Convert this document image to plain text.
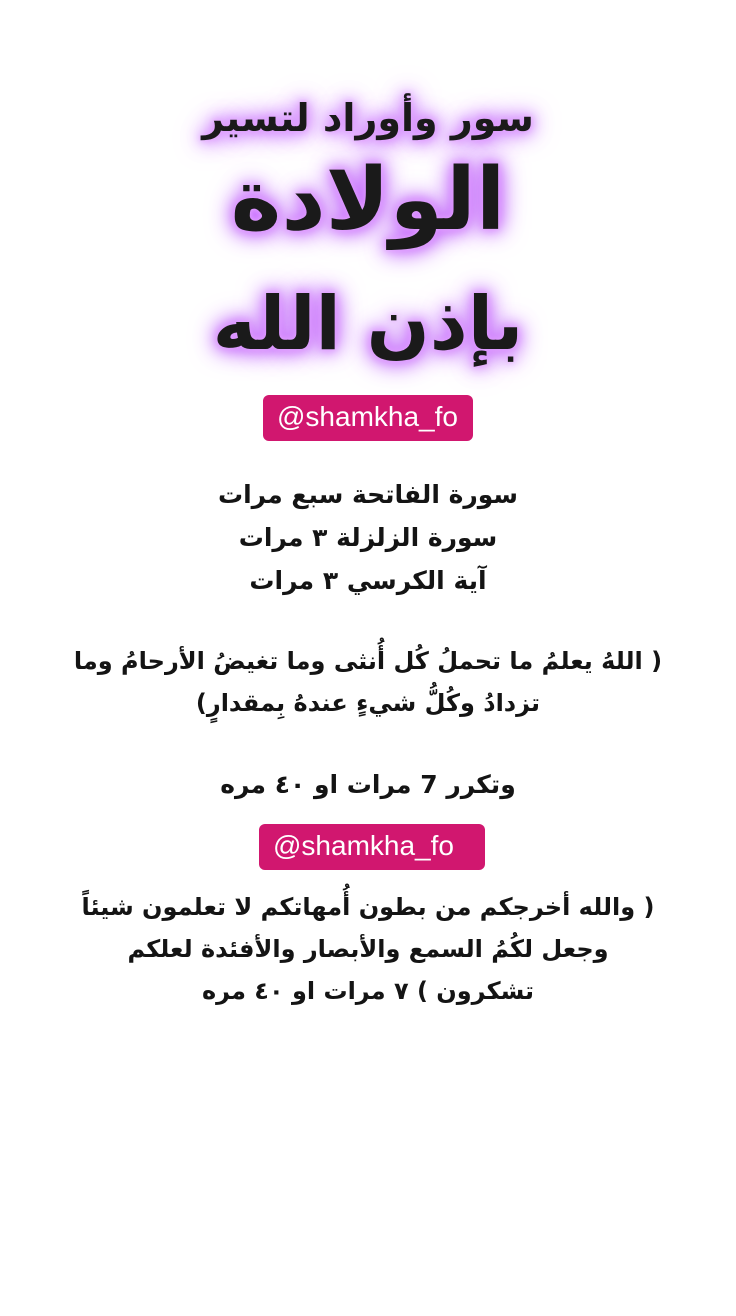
سور وأوراد لتسير
الولادة
بإذن الله
@shamkha_fo
سورة الفاتحة سبع مرات
سورة الزلزلة ٣ مرات
آية الكرسي ٣ مرات
( اللهُ يعلمُ ما تحملُ كُل أُنثى وما تغيضُ الأرحامُ وما
تزدادُ وكُلُّ شيءٍ عندهُ بِمقدارٍ)
وتكرر 7 مرات او ٤٠ مره
@shamkha_fo
( والله أخرجكم من بطون أُمهاتكم لا تعلمون شيئاً
وجعل لكُمُ السمع والأبصار والأفئدة لعلكم
تشكرون ) ٧ مرات او ٤٠ مره
